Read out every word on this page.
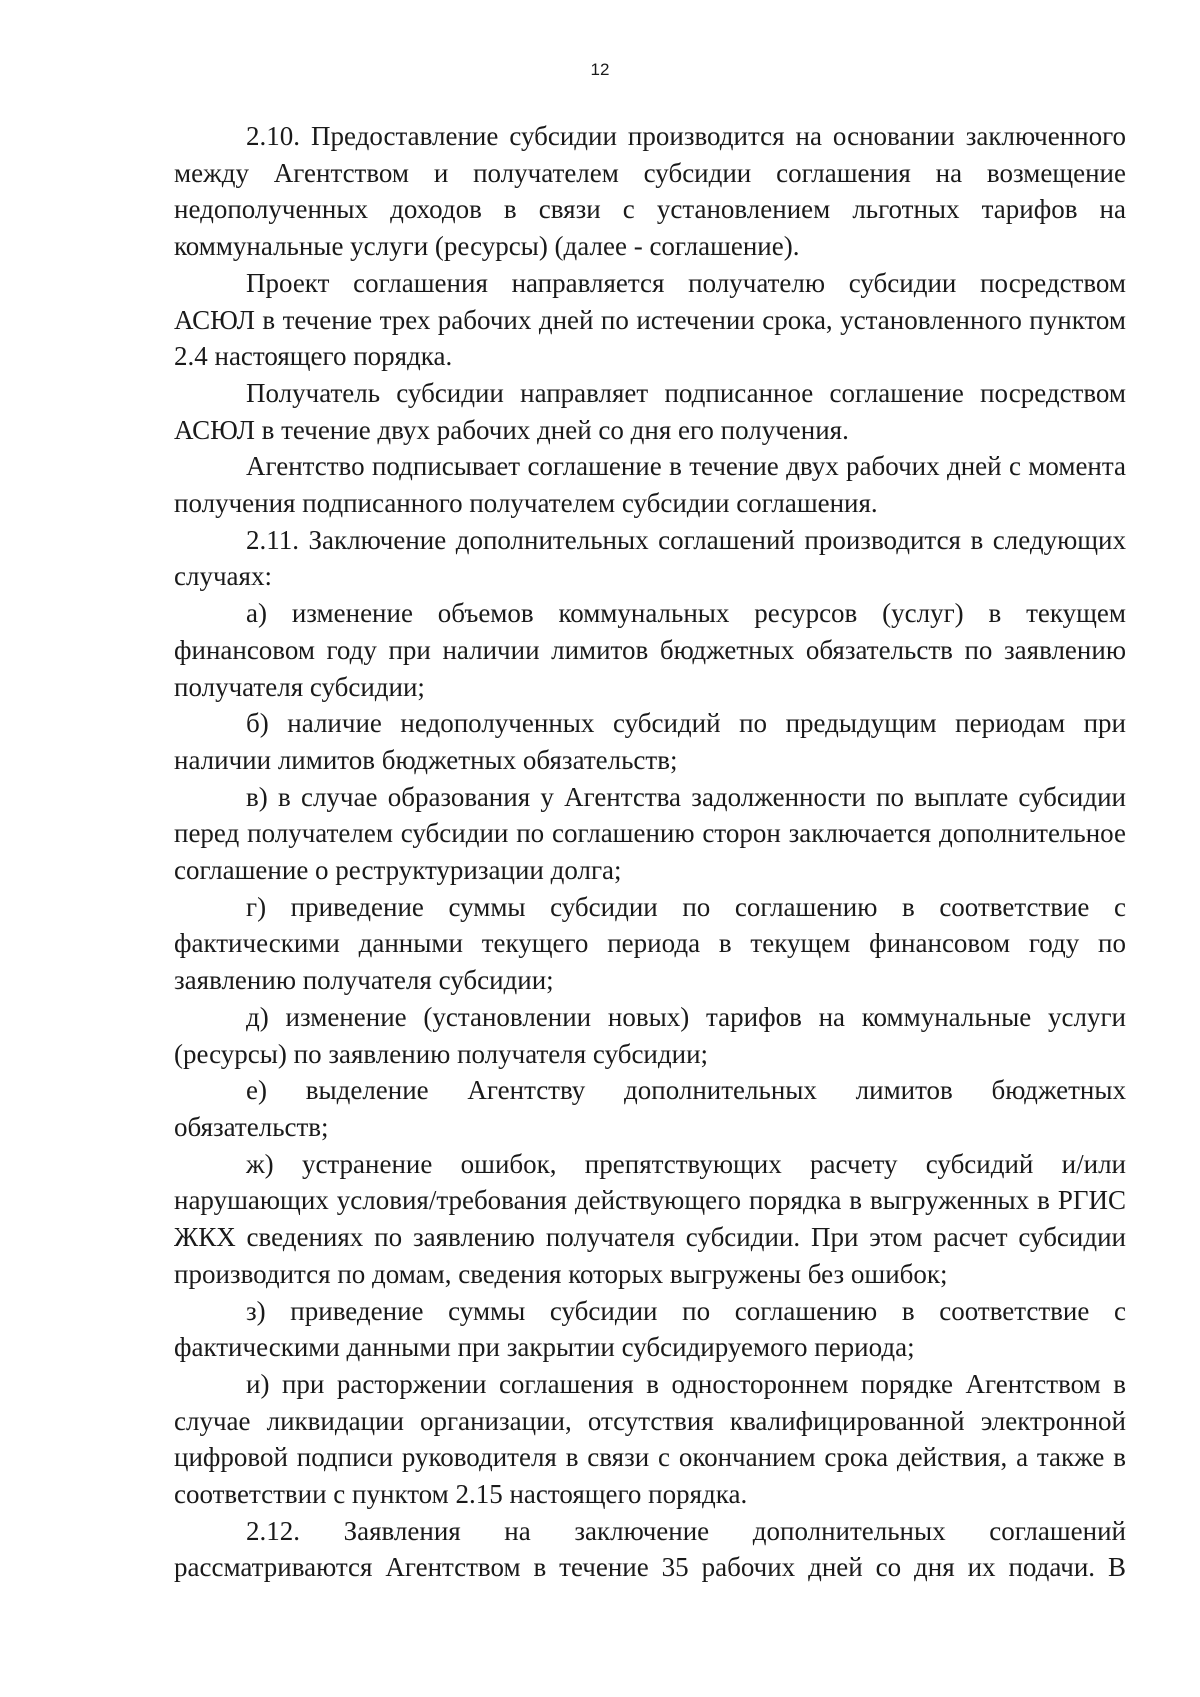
12

2.10. Предоставление субсидии производится на основании заключенного между Агентством и получателем субсидии соглашения на возмещение недополученных доходов в связи с установлением льготных тарифов на коммунальные услуги (ресурсы) (далее - соглашение).

Проект соглашения направляется получателю субсидии посредством АСЮЛ в течение трех рабочих дней по истечении срока, установленного пунктом 2.4 настоящего порядка.

Получатель субсидии направляет подписанное соглашение посредством АСЮЛ в течение двух рабочих дней со дня его получения.

Агентство подписывает соглашение в течение двух рабочих дней с момента получения подписанного получателем субсидии соглашения.

2.11. Заключение дополнительных соглашений производится в следующих случаях:

а) изменение объемов коммунальных ресурсов (услуг) в текущем финансовом году при наличии лимитов бюджетных обязательств по заявлению получателя субсидии;

б) наличие недополученных субсидий по предыдущим периодам при наличии лимитов бюджетных обязательств;

в) в случае образования у Агентства задолженности по выплате субсидии перед получателем субсидии по соглашению сторон заключается дополнительное соглашение о реструктуризации долга;

г) приведение суммы субсидии по соглашению в соответствие с фактическими данными текущего периода в текущем финансовом году по заявлению получателя субсидии;

д) изменение (установлении новых) тарифов на коммунальные услуги (ресурсы) по заявлению получателя субсидии;

е) выделение Агентству дополнительных лимитов бюджетных обязательств;

ж) устранение ошибок, препятствующих расчету субсидий и/или нарушающих условия/требования действующего порядка в выгруженных в РГИС ЖКХ сведениях по заявлению получателя субсидии. При этом расчет субсидии производится по домам, сведения которых выгружены без ошибок;

з) приведение суммы субсидии по соглашению в соответствие с фактическими данными при закрытии субсидируемого периода;

и) при расторжении соглашения в одностороннем порядке Агентством в случае ликвидации организации, отсутствия квалифицированной электронной цифровой подписи руководителя в связи с окончанием срока действия, а также в соответствии с пунктом 2.15 настоящего порядка.

2.12. Заявления на заключение дополнительных соглашений рассматриваются Агентством в течение 35 рабочих дней со дня их подачи. В
